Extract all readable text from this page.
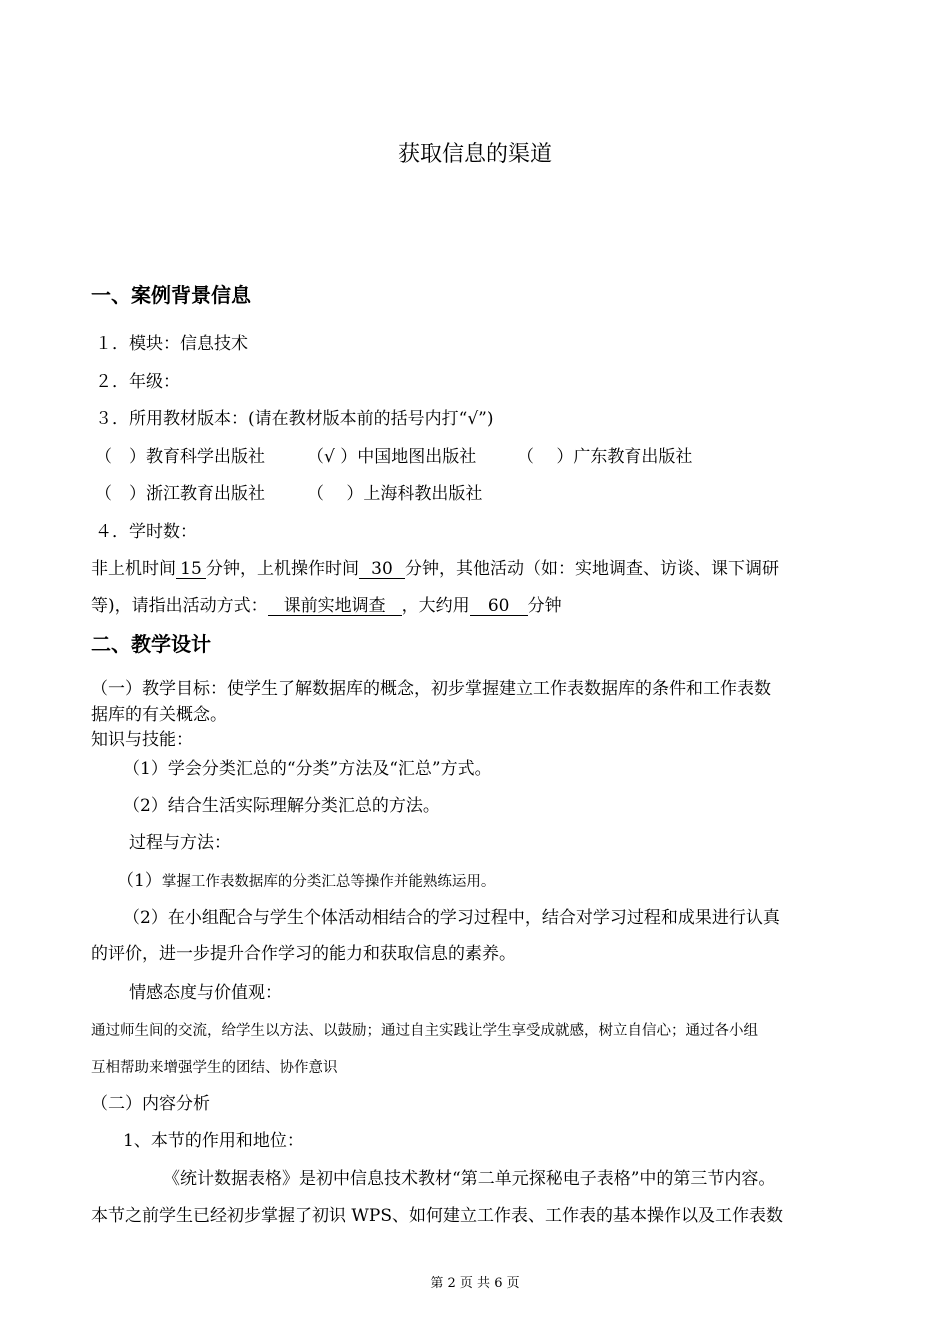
获取信息的渠道
一、案例背景信息
１．模块：信息技术
２．年级：
３．所用教材版本：(请在教材版本前的括号内打“√”)
（　）教育科学出版社 （√ ）中国地图出版社 （　 ）广东教育出版社
（　）浙江教育出版社 （　 ）上海科教出版社
４．学时数：
非上机时间 15 分钟，上机操作时间 30 分钟，其他活动（如：实地调查、访谈、课下调研
等)，请指出活动方式： 课前实地调查 ，大约用 60 分钟
二、教学设计
（一）教学目标：使学生了解数据库的概念，初步掌握建立工作表数据库的条件和工作表数
据库的有关概念。
知识与技能：
（1）学会分类汇总的“分类”方法及“汇总”方式。
（2）结合生活实际理解分类汇总的方法。
过程与方法：
（1）掌握工作表数据库的分类汇总等操作并能熟练运用。
（2）在小组配合与学生个体活动相结合的学习过程中，结合对学习过程和成果进行认真
的评价，进一步提升合作学习的能力和获取信息的素养。
情感态度与价值观：
通过师生间的交流，给学生以方法、以鼓励；通过自主实践让学生享受成就感，树立自信心；通过各小组
互相帮助来增强学生的团结、协作意识
（二）内容分析
1、本节的作用和地位：
《统计数据表格》是初中信息技术教材“第二单元探秘电子表格”中的第三节内容。
本节之前学生已经初步掌握了初识 WPS、如何建立工作表、工作表的基本操作以及工作表数
第 2 页 共 6 页
